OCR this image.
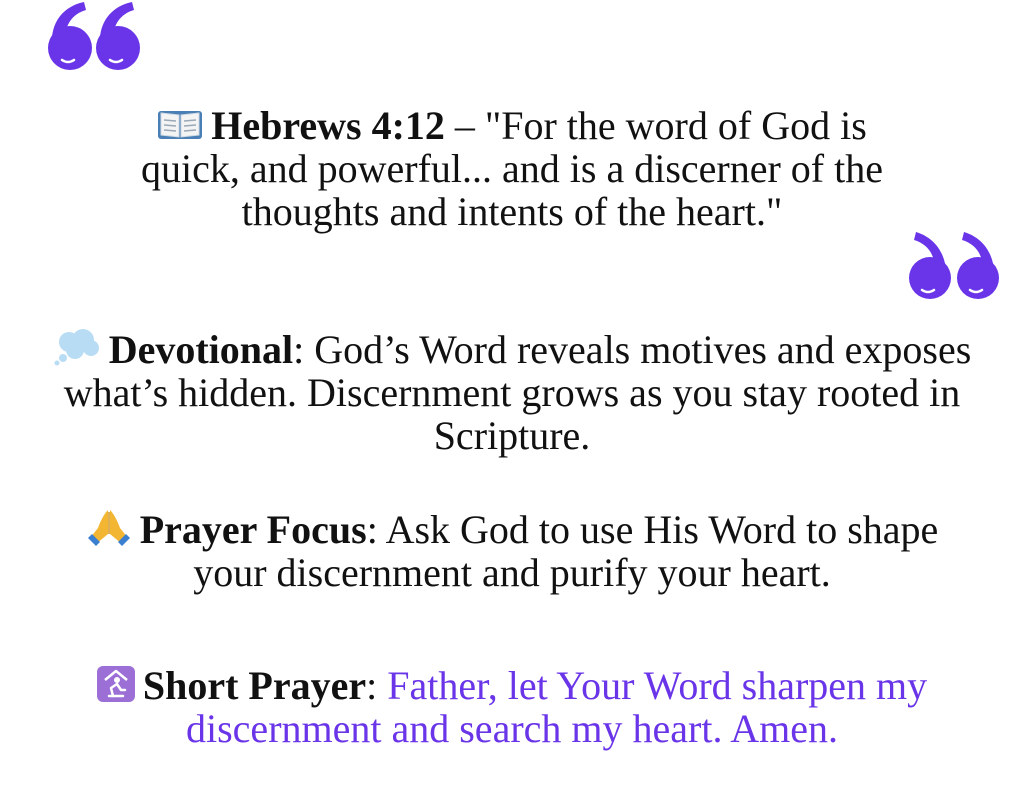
Hebrews 4:12 – "For the word of God is
quick, and powerful... and is a discerner of the
thoughts and intents of the heart."
Devotional: God’s Word reveals motives and exposes
what’s hidden. Discernment grows as you stay rooted in
Scripture.
Prayer Focus: Ask God to use His Word to shape
your discernment and purify your heart.
Short Prayer: Father, let Your Word sharpen my
discernment and search my heart. Amen.
